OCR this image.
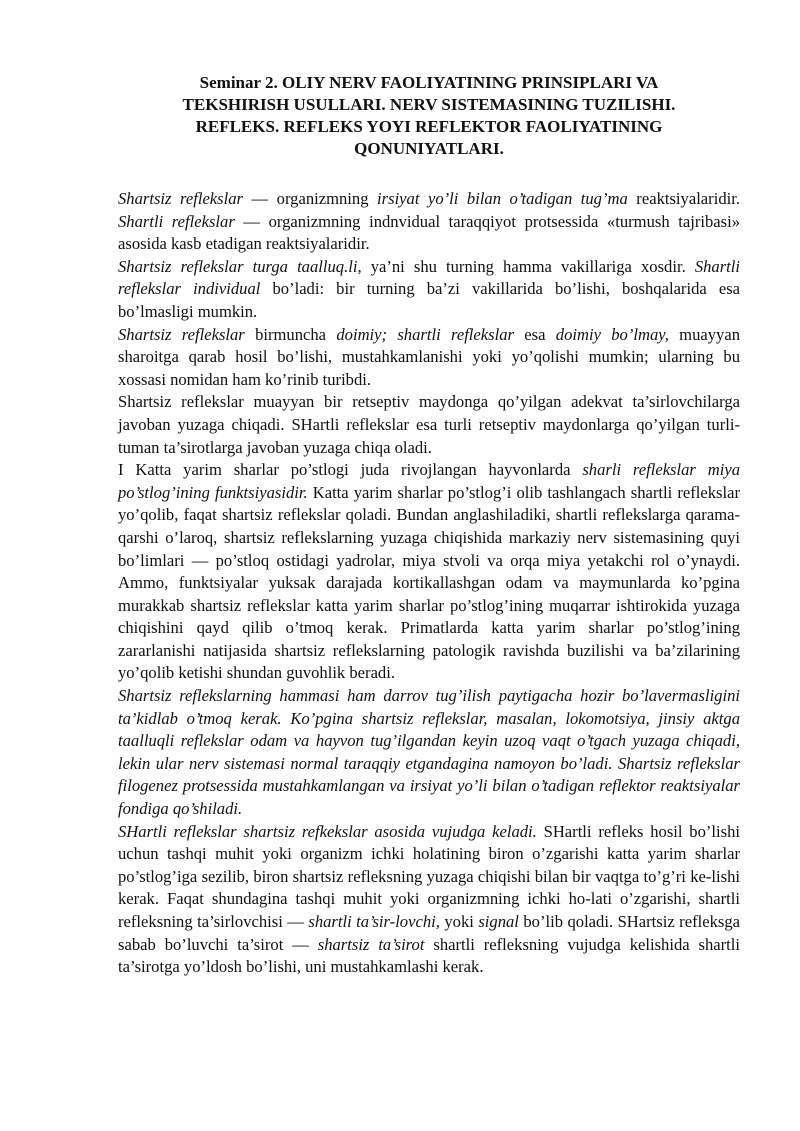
Seminar 2. OLIY NERV FAOLIYATINING PRINSIPLARI VA
TEKSHIRISH USULLARI. NERV SISTEMASINING TUZILISHI.
REFLEKS. REFLEKS YOYI REFLEKTOR FAOLIYATINING
QONUNIYATLARI.

Shartsiz reflekslar — organizmning irsiyat yo’li bilan o’tadigan tug’ma reaktsiyalaridir. Shartli reflekslar — organizmning indnvidual taraqqiyot protsessida «turmush tajribasi» asosida kasb etadigan reaktsiyalaridir.

Shartsiz reflekslar turga taalluq.li, ya’ni shu turning hamma vakillariga xosdir. Shartli reflekslar individual bo’ladi: bir turning ba’zi vakillarida bo’lishi, boshqalarida esa bo’lmasligi mumkin.

Shartsiz reflekslar birmuncha doimiy; shartli reflekslar esa doimiy bo’lmay, muayyan sharoitga qarab hosil bo’lishi, mustahkamlanishi yoki yo’qolishi mumkin; ularning bu xossasi nomidan ham ko’rinib turibdi.

Shartsiz reflekslar muayyan bir retseptiv maydonga qo’yilgan adekvat ta’sirlovchilarga javoban yuzaga chiqadi. SHartli reflekslar esa turli retseptiv maydonlarga qo’yilgan turli-tuman ta’sirotlarga javoban yuzaga chiqa oladi.

I Katta yarim sharlar po’stlogi juda rivojlangan hayvonlarda sharli reflekslar miya po’stlog’ining funktsiyasidir. Katta yarim sharlar po’stlog’i olib tashlangach shartli reflekslar yo’qolib, faqat shartsiz reflekslar qoladi. Bundan anglashiladiki, shartli reflekslarga qarama-qarshi o’laroq, shartsiz reflekslarning yuzaga chiqishida markaziy nerv sistemasining quyi bo’limlari — po’stloq ostidagi yadrolar, miya stvoli va orqa miya yetakchi rol o’ynaydi. Ammo, funktsiyalar yuksak darajada kortikallashgan odam va maymunlarda ko’pgina murakkab shartsiz reflekslar katta yarim sharlar po’stlog’ining muqarrar ishtirokida yuzaga chiqishini qayd qilib o’tmoq kerak. Primatlarda katta yarim sharlar po’stlog’ining zararlanishi natijasida shartsiz reflekslarning patologik ravishda buzilishi va ba’zilarining yo’qolib ketishi shundan guvohlik beradi.

Shartsiz reflekslarning hammasi ham darrov tug’ilish paytigacha hozir bo’lavermasligini ta’kidlab o’tmoq kerak. Ko’pgina shartsiz reflekslar, masalan, lokomotsiya, jinsiy aktga taalluqli reflekslar odam va hayvon tug’ilgandan keyin uzoq vaqt o’tgach yuzaga chiqadi, lekin ular nerv sistemasi normal taraqqiy etgandagina namoyon bo’ladi. Shartsiz reflekslar filogenez protsessida mustahkamlangan va irsiyat yo’li bilan o’tadigan reflektor reaktsiyalar fondiga qo’shiladi.

SHartli reflekslar shartsiz refkekslar asosida vujudga keladi. SHartli refleks hosil bo’lishi uchun tashqi muhit yoki organizm ichki holatining biron o’zgarishi katta yarim sharlar po’stlog’iga sezilib, biron shartsiz refleksning yuzaga chiqishi bilan bir vaqtga to’g’ri ke-lishi kerak. Faqat shundagina tashqi muhit yoki organizmning ichki ho-lati o’zgarishi, shartli refleksning ta’sirlovchisi — shartli ta’sir-lovchi, yoki signal bo’lib qoladi. SHartsiz refleksga sabab bo’luvchi ta’sirot — shartsiz ta’sirot shartli refleksning vujudga kelishida shartli ta’sirotga yo’ldosh bo’lishi, uni mustahkamlashi kerak.
